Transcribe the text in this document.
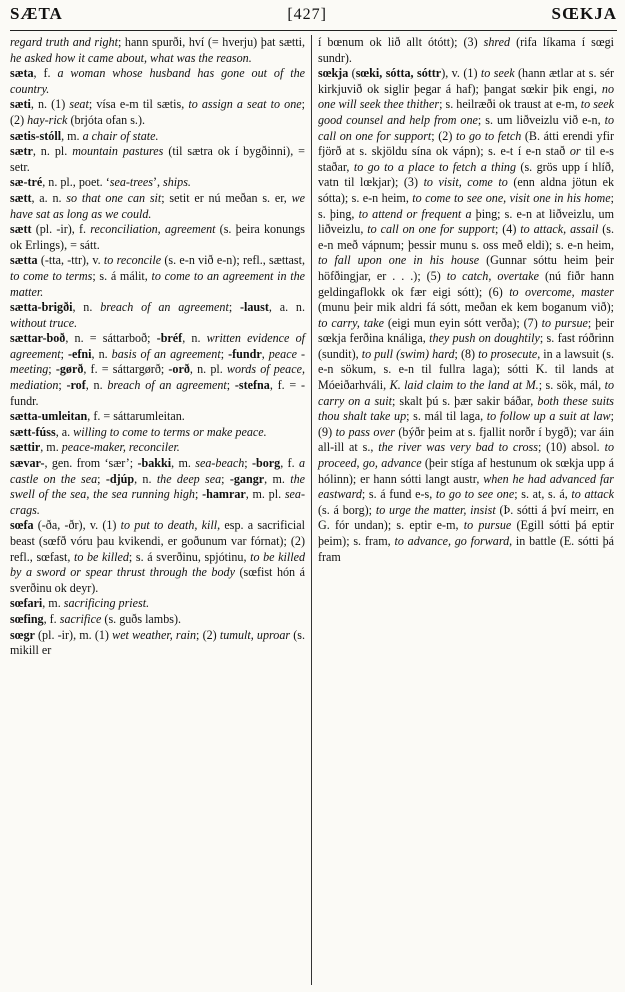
SÆTA	[427]	SŒKJA

regard truth and right; hann spurði, hví (= hverju) þat sætti, he asked how it came about, what was the reason.

sæta, f. a woman whose husband has gone out of the country.

sæti, n. (1) seat; vísa e-m til sætis, to assign a seat to one; (2) hay-rick (brjóta ofan s.).

sætis-stóll, m. a chair of state.

sætr, n. pl. mountain pastures (til sætra ok í bygðinni), = setr.

sæ-tré, n. pl., poet. ‘sea-trees’, ships.

sætt, a. n. so that one can sit; setit er nú meðan s. er, we have sat as long as we could.

sætt (pl. -ir), f. reconciliation, agreement (s. þeira konungs ok Erlings), = sátt.

sætta (-tta, -ttr), v. to reconcile (s. e-n við e-n); refl., sættast, to come to terms; s. á málit, to come to an agreement in the matter.

sætta-brigði, n. breach of an agreement; -laust, a. n. without truce.

sættar-boð, n. = sáttarboð; -bréf, n. written evidence of agreement; -efni, n. basis of an agreement; -fundr, peace - meeting; -gørð, f. = sáttargørð; -orð, n. pl. words of peace, mediation; -rof, n. breach of an agreement; -stefna, f. = -fundr.

sætta-umleitan, f. = sáttarumleitan.

sætt-fúss, a. willing to come to terms or make peace.

sættir, m. peace-maker, reconciler.

sævar-, gen. from ‘sær’; -bakki, m. sea-beach; -borg, f. a castle on the sea; -djúp, n. the deep sea; -gangr, m. the swell of the sea, the sea running high; -hamrar, m. pl. sea-crags.

sœfa (-ða, -ðr), v. (1) to put to death, kill, esp. a sacrificial beast (sœfð vóru þau kvikendi, er goðunum var fórnat); (2) refl., sœfast, to be killed; s. á sverðinu, spjótinu, to be killed by a sword or spear thrust through the body (sœfist hón á sverðinu ok deyr).

sœfari, m. sacrificing priest.

sœfing, f. sacrifice (s. guðs lambs).

sœgr (pl. -ir), m. (1) wet weather, rain; (2) tumult, uproar (s. mikill er

í bœnum ok lið allt ótótt); (3) shred (rifa líkama í sœgi sundr).

sœkja (sœki, sótta, sóttr), v. (1) to seek (hann ætlar at s. sér kirkjuvið ok siglir þegar á haf); þangat sœkir þik engi, no one will seek thee thither; s. heilræði ok traust at e-m, to seek good counsel and help from one; s. um liðveizlu við e-n, to call on one for support; (2) to go to fetch (B. átti erendi yfir fjörð at s. skjöldu sína ok vápn); s. e-t í e-n stað or til e-s staðar, to go to a place to fetch a thing (s. grös upp í hlíð, vatn til lœkjar); (3) to visit, come to (enn aldna jötun ek sótta); s. e-n heim, to come to see one, visit one in his home; s. þing, to attend or frequent a þing; s. e-n at liðveizlu, um liðveizlu, to call on one for support; (4) to attack, assail (s. e-n með vápnum; þessir munu s. oss með eldi); s. e-n heim, to fall upon one in his house (Gunnar sóttu heim þeir höfðingjar, er . . .); (5) to catch, overtake (nú fiðr hann geldingaflokk ok fær eigi sótt); (6) to overcome, master (munu þeir mik aldri fá sótt, meðan ek kem boganum við); to carry, take (eigi mun eyin sótt verða); (7) to pursue; þeir sœkja ferðina knáliga, they push on doughtily; s. fast róðrinn (sundit), to pull (swim) hard; (8) to prosecute, in a lawsuit (s. e-n sökum, s. e-n til fullra laga); sótti K. til lands at Móeiðarhváli, K. laid claim to the land at M.; s. sök, mál, to carry on a suit; skalt þú s. þær sakir báðar, both these suits thou shalt take up; s. mál til laga, to follow up a suit at law; (9) to pass over (býðr þeim at s. fjallit norðr í bygð); var áin all-ill at s., the river was very bad to cross; (10) absol. to proceed, go, advance (þeir stíga af hestunum ok sœkja upp á hólinn); er hann sótti langt austr, when he had advanced far eastward; s. á fund e-s, to go to see one; s. at, s. á, to attack (s. á borg); to urge the matter, insist (Þ. sótti á því meirr, en G. fór undan); s. eptir e-m, to pursue (Egill sótti þá eptir þeim); s. fram, to advance, go forward, in battle (E. sótti þá fram
